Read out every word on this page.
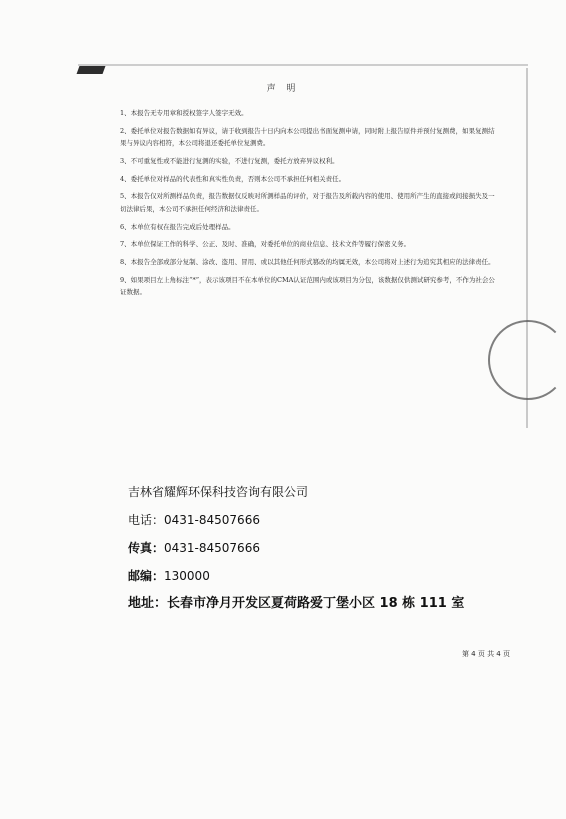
声 明
1、本报告无专用章和授权签字人签字无效。
2、委托单位对报告数据如有异议，请于收到报告十日内向本公司提出书面复测申请，同时附上报告原件并预付复测费，如果复测结果与异议内容相符，本公司将退还委托单位复测费。
3、不可重复性或不能进行复测的实验，不进行复测，委托方放弃异议权利。
4、委托单位对样品的代表性和真实性负责，否则本公司不承担任何相关责任。
5、本报告仅对所测样品负责，报告数据仅反映对所测样品的评价，对于报告及所载内容的使用、使用所产生的直接或间接损失及一切法律后果，本公司不承担任何经济和法律责任。
6、本单位有权在报告完成后处理样品。
7、本单位保证工作的科学、公正、及时、准确，对委托单位的商业信息、技术文件等履行保密义务。
8、本报告全部或部分复制、涂改、盗用、冒用、或以其他任何形式篡改的均属无效，本公司将对上述行为追究其相应的法律责任。
9、如果项目左上角标注“*”，表示该项目不在本单位的CMA认证范围内或该项目为分包，该数据仅供测试研究参考，不作为社会公证数据。
吉林省耀辉环保科技咨询有限公司
电话：0431-84507666
传真：0431-84507666
邮编：130000
地址：长春市净月开发区夏荷路爱丁堡小区 18 栋 111 室
第 4 页 共 4 页
